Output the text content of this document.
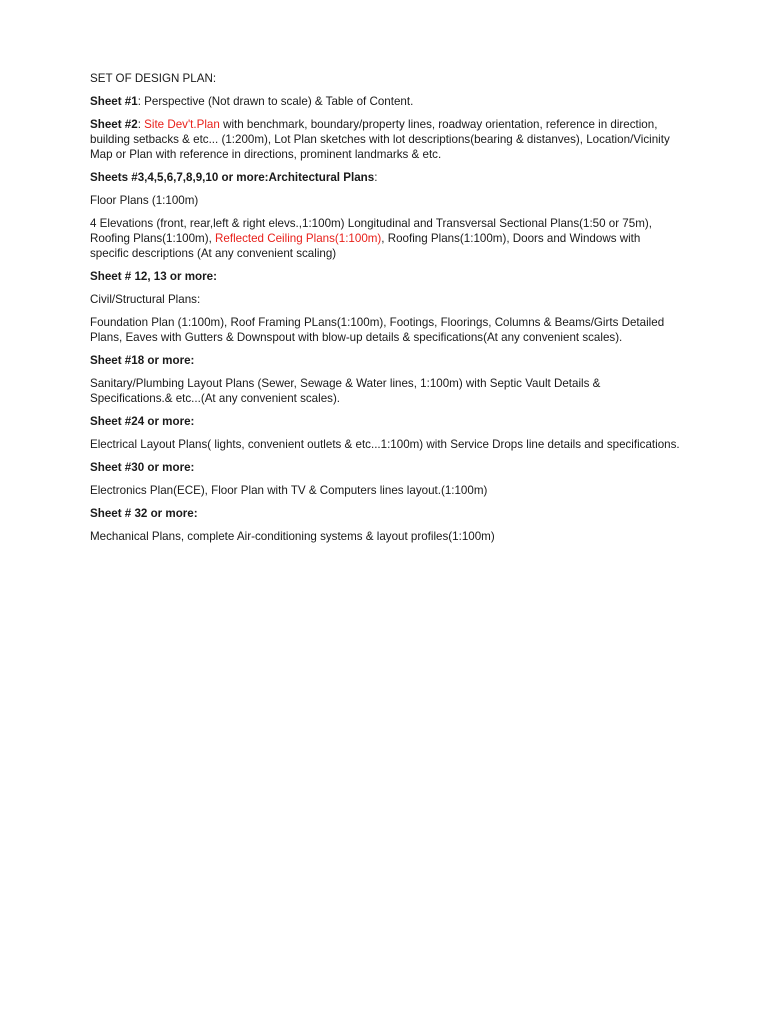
SET OF DESIGN PLAN:

Sheet #1: Perspective (Not drawn to scale) & Table of Content.

Sheet #2: Site Dev't.Plan with benchmark, boundary/property lines, roadway orientation, reference in direction, building setbacks & etc... (1:200m), Lot Plan sketches with lot descriptions(bearing & distanves), Location/Vicinity Map or Plan with reference in directions, prominent landmarks & etc.

Sheets #3,4,5,6,7,8,9,10 or more:Architectural Plans:

Floor Plans (1:100m)

4 Elevations (front, rear,left & right elevs.,1:100m) Longitudinal and Transversal Sectional Plans(1:50 or 75m), Roofing Plans(1:100m), Reflected Ceiling Plans(1:100m), Roofing Plans(1:100m), Doors and Windows with specific descriptions (At any convenient scaling)

Sheet # 12, 13 or more:

Civil/Structural Plans:

Foundation Plan (1:100m), Roof Framing PLans(1:100m), Footings, Floorings, Columns & Beams/Girts Detailed Plans, Eaves with Gutters & Downspout with blow-up details & specifications(At any convenient scales).

Sheet #18 or more:

Sanitary/Plumbing Layout Plans (Sewer, Sewage & Water lines, 1:100m) with Septic Vault Details & Specifications.& etc...(At any convenient scales).

Sheet #24 or more:

Electrical Layout Plans( lights, convenient outlets & etc...1:100m) with Service Drops line details and specifications.

Sheet #30 or more:

Electronics Plan(ECE), Floor Plan with TV & Computers lines layout.(1:100m)

Sheet # 32 or more:

Mechanical Plans, complete Air-conditioning systems & layout profiles(1:100m)
